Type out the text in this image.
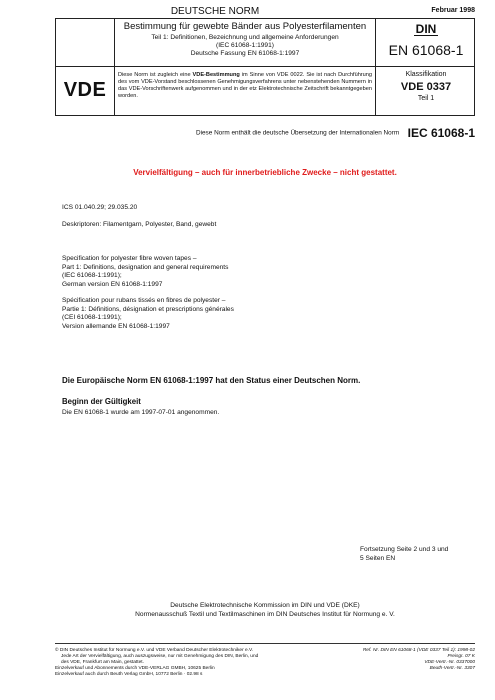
DEUTSCHE NORM	Februar 1998
Bestimmung für gewebte Bänder aus Polyesterfilamenten
Teil 1: Definitionen, Bezeichnung und allgemeine Anforderungen
(IEC 61068-1:1991)
Deutsche Fassung EN 61068-1:1997
DIN
EN 61068-1
VDE
Diese Norm ist zugleich eine VDE-Bestimmung im Sinne von VDE 0022. Sie ist nach Durchführung des vom VDE-Vorstand beschlossenen Genehmigungsverfahrens unter nebenstehenden Nummern in das VDE-Vorschriftenwerk aufgenommen und in der etz Elektrotechnische Zeitschrift bekanntgegeben worden.
Klassifikation
VDE 0337
Teil 1
Diese Norm enthält die deutsche Übersetzung der Internationalen Norm IEC 61068-1
Vervielfältigung – auch für innerbetriebliche Zwecke – nicht gestattet.
ICS 01.040.29; 29.035.20
Deskriptoren: Filamentgarn, Polyester, Band, gewebt
Specification for polyester fibre woven tapes –
Part 1: Definitions, designation and general requirements
(IEC 61068-1:1991);
German version EN 61068-1:1997
Spécification pour rubans tissés en fibres de polyester –
Partie 1: Définitions, désignation et prescriptions générales
(CEI 61068-1:1991);
Version allemande EN 61068-1:1997
Die Europäische Norm EN 61068-1:1997 hat den Status einer Deutschen Norm.
Beginn der Gültigkeit
Die EN 61068-1 wurde am 1997-07-01 angenommen.
Fortsetzung Seite 2 und 3 und
5 Seiten EN
Deutsche Elektrotechnische Kommission im DIN und VDE (DKE)
Normenausschuß Textil und Textilmaschinen im DIN Deutsches Institut für Normung e. V.
© DIN Deutsches Institut für Normung e.V. und VDE Verband Deutscher Elektrotechniker e.V.
Jede Art der Vervielfältigung, auch auszugsweise, nur mit Genehmigung des DIN, Berlin, und
des VDE, Frankfurt am Main, gestattet.
Einzelverkauf und Abonnements durch VDE-VERLAG GMBH, 10625 Berlin
Einzelverkauf auch durch Beuth Verlag GmbH, 10772 Berlin · 02.98 s
Ref. Nr. DIN EN 61068-1 (VDE 0337 Teil 1): 1998-02
Preisgr. 07 K
VDE-Vertr.-Nr. 0337000
Beuth-Vertr.-Nr. 3307
